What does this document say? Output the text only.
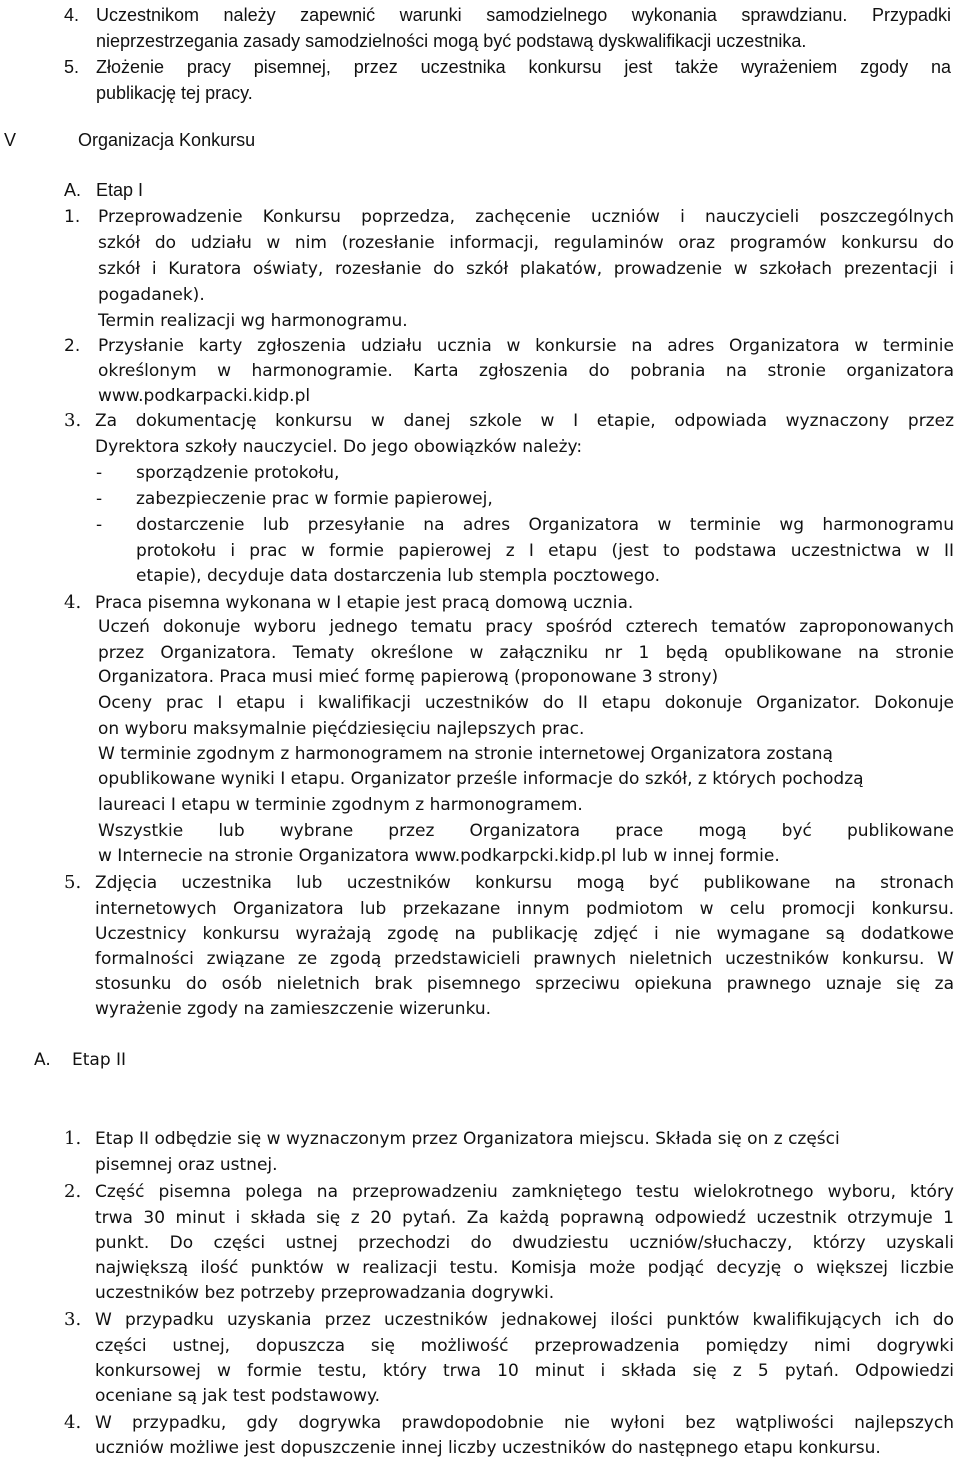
4. Uczestnikom należy zapewnić warunki samodzielnego wykonania sprawdzianu. Przypadki
nieprzestrzegania zasady samodzielności mogą być podstawą dyskwalifikacji uczestnika.
5. Złożenie pracy pisemnej, przez uczestnika konkursu jest także wyrażeniem zgody na
publikację tej pracy.
V	Organizacja Konkursu
A. Etap I
1. Przeprowadzenie Konkursu poprzedza, zachęcenie uczniów i nauczycieli poszczególnych
szkół do udziału w nim (rozesłanie informacji, regulaminów oraz programów konkursu do
szkół i Kuratora oświaty, rozesłanie do szkół plakatów, prowadzenie w szkołach prezentacji i
pogadanek).
Termin realizacji wg harmonogramu.
2. Przysłanie karty zgłoszenia udziału ucznia w konkursie na adres Organizatora w terminie
określonym w harmonogramie. Karta zgłoszenia do pobrania na stronie organizatora
www.podkarpacki.kidp.pl
3. Za dokumentację konkursu w danej szkole w I etapie, odpowiada wyznaczony przez
Dyrektora szkoły nauczyciel. Do jego obowiązków należy:
- sporządzenie protokołu,
- zabezpieczenie prac w formie papierowej,
- dostarczenie lub przesyłanie na adres Organizatora w terminie wg harmonogramu
protokołu i prac w formie papierowej z I etapu (jest to podstawa uczestnictwa w II
etapie), decyduje data dostarczenia lub stempla pocztowego.
4. Praca pisemna wykonana w I etapie jest pracą domową ucznia.
Uczeń dokonuje wyboru jednego tematu pracy spośród czterech tematów zaproponowanych
przez Organizatora. Tematy określone w załączniku nr 1 będą opublikowane na stronie
Organizatora. Praca musi mieć formę papierową (proponowane 3 strony)
Oceny prac I etapu i kwalifikacji uczestników do II etapu dokonuje Organizator. Dokonuje
on wyboru maksymalnie pięćdziesięciu najlepszych prac.
W terminie zgodnym z harmonogramem na stronie internetowej Organizatora zostaną
opublikowane wyniki I etapu. Organizator prześle informacje do szkół, z których pochodzą
laureaci I etapu w terminie zgodnym z harmonogramem.
Wszystkie lub wybrane przez Organizatora prace mogą być publikowane
w Internecie na stronie Organizatora www.podkarpcki.kidp.pl lub w innej formie.
5. Zdjęcia uczestnika lub uczestników konkursu mogą być publikowane na stronach
internetowych Organizatora lub przekazane innym podmiotom w celu promocji konkursu.
Uczestnicy konkursu wyrażają zgodę na publikację zdjęć i nie wymagane są dodatkowe
formalności związane ze zgodą przedstawicieli prawnych nieletnich uczestników konkursu. W
stosunku do osób nieletnich brak pisemnego sprzeciwu opiekuna prawnego uznaje się za
wyrażenie zgody na zamieszczenie wizerunku.
A. Etap II
1. Etap II odbędzie się w wyznaczonym przez Organizatora miejscu. Składa się on z części
pisemnej oraz ustnej.
2. Część pisemna polega na przeprowadzeniu zamkniętego testu wielokrotnego wyboru, który
trwa 30 minut i składa się z 20 pytań. Za każdą poprawną odpowiedź uczestnik otrzymuje 1
punkt. Do części ustnej przechodzi do dwudziestu uczniów/słuchaczy, którzy uzyskali
największą ilość punktów w realizacji testu. Komisja może podjąć decyzję o większej liczbie
uczestników bez potrzeby przeprowadzania dogrywki.
3. W przypadku uzyskania przez uczestników jednakowej ilości punktów kwalifikujących ich do
części ustnej, dopuszcza się możliwość przeprowadzenia pomiędzy nimi dogrywki
konkursowej w formie testu, który trwa 10 minut i składa się z 5 pytań. Odpowiedzi
oceniane są jak test podstawowy.
4. W przypadku, gdy dogrywka prawdopodobnie nie wyłoni bez wątpliwości najlepszych
uczniów możliwe jest dopuszczenie innej liczby uczestników do następnego etapu konkursu.
